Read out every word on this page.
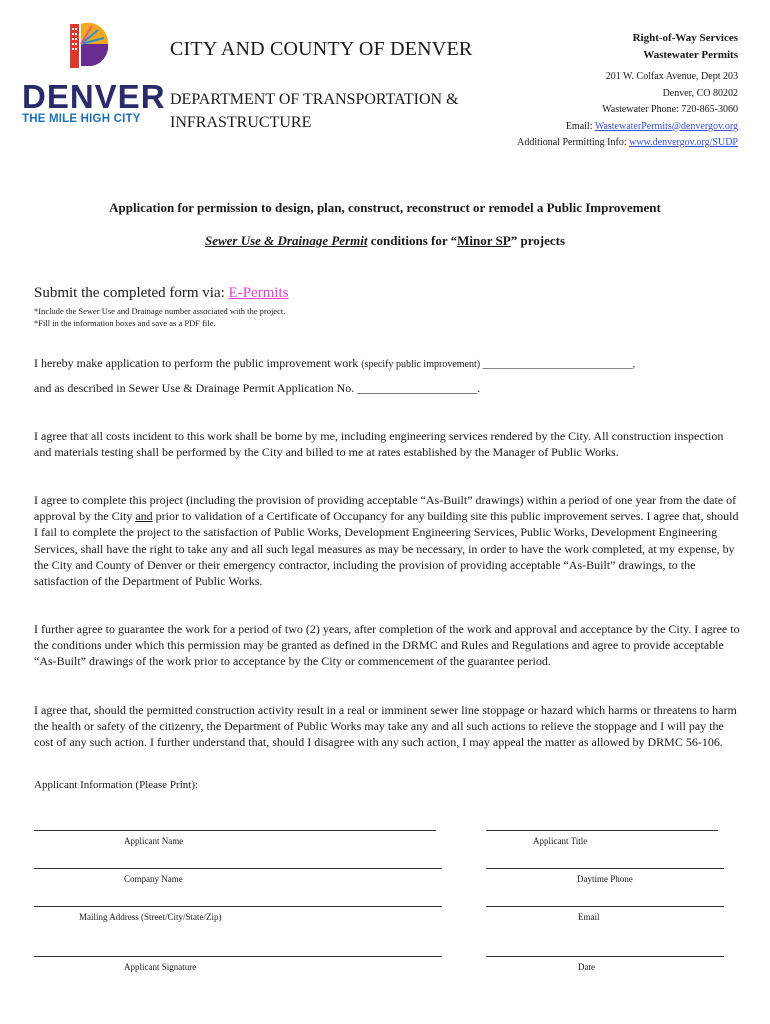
DENVER
THE MILE HIGH CITY
CITY AND COUNTY OF DENVER
DEPARTMENT OF TRANSPORTATION & INFRASTRUCTURE
Right-of-Way Services
Wastewater Permits
201 W. Colfax Avenue, Dept 203
Denver, CO 80202
Wastewater Phone: 720-865-3060
Email: WastewaterPermits@denvergov.org
Additional Permitting Info: www.denvergov.org/SUDP
Application for permission to design, plan, construct, reconstruct or remodel a Public Improvement
Sewer Use & Drainage Permit conditions for “Minor SP” projects
Submit the completed form via: E-Permits
*Include the Sewer Use and Drainage number associated with the project.
*Fill in the information boxes and save as a PDF file.
I hereby make application to perform the public improvement work (specify public improvement) ______________________________,
and as described in Sewer Use & Drainage Permit Application No. ____________________.
I agree that all costs incident to this work shall be borne by me, including engineering services rendered by the City. All construction inspection and materials testing shall be performed by the City and billed to me at rates established by the Manager of Public Works.
I agree to complete this project (including the provision of providing acceptable “As-Built” drawings) within a period of one year from the date of approval by the City and prior to validation of a Certificate of Occupancy for any building site this public improvement serves. I agree that, should I fail to complete the project to the satisfaction of Public Works, Development Engineering Services, Public Works, Development Engineering Services, shall have the right to take any and all such legal measures as may be necessary, in order to have the work completed, at my expense, by the City and County of Denver or their emergency contractor, including the provision of providing acceptable “As-Built” drawings, to the satisfaction of the Department of Public Works.
I further agree to guarantee the work for a period of two (2) years, after completion of the work and approval and acceptance by the City. I agree to the conditions under which this permission may be granted as defined in the DRMC and Rules and Regulations and agree to provide acceptable “As-Built” drawings of the work prior to acceptance by the City or commencement of the guarantee period.
I agree that, should the permitted construction activity result in a real or imminent sewer line stoppage or hazard which harms or threatens to harm the health or safety of the citizenry, the Department of Public Works may take any and all such actions to relieve the stoppage and I will pay the cost of any such action. I further understand that, should I disagree with any such action, I may appeal the matter as allowed by DRMC 56-106.
Applicant Information (Please Print):
Applicant Name	Applicant Title
Company Name	Daytime Phone
Mailing Address (Street/City/State/Zip)	Email
Applicant Signature	Date
